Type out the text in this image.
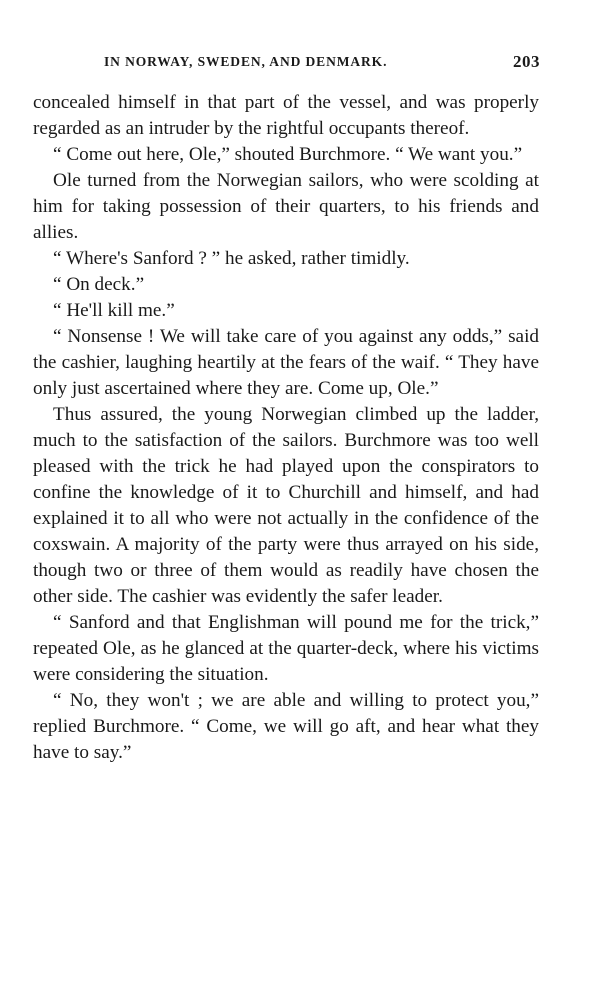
IN NORWAY, SWEDEN, AND DENMARK.	203

concealed himself in that part of the vessel, and was properly regarded as an intruder by the rightful occupants thereof.

“ Come out here, Ole,” shouted Burchmore. “ We want you.”

Ole turned from the Norwegian sailors, who were scolding at him for taking possession of their quarters, to his friends and allies.

“ Where's Sanford ? ” he asked, rather timidly.

“ On deck.”

“ He'll kill me.”

“ Nonsense ! We will take care of you against any odds,” said the cashier, laughing heartily at the fears of the waif. “ They have only just ascertained where they are. Come up, Ole.”

Thus assured, the young Norwegian climbed up the ladder, much to the satisfaction of the sailors. Burchmore was too well pleased with the trick he had played upon the conspirators to confine the knowledge of it to Churchill and himself, and had explained it to all who were not actually in the confidence of the coxswain. A majority of the party were thus arrayed on his side, though two or three of them would as readily have chosen the other side. The cashier was evidently the safer leader.

“ Sanford and that Englishman will pound me for the trick,” repeated Ole, as he glanced at the quarter-deck, where his victims were considering the situation.

“ No, they won't ; we are able and willing to protect you,” replied Burchmore. “ Come, we will go aft, and hear what they have to say.”
